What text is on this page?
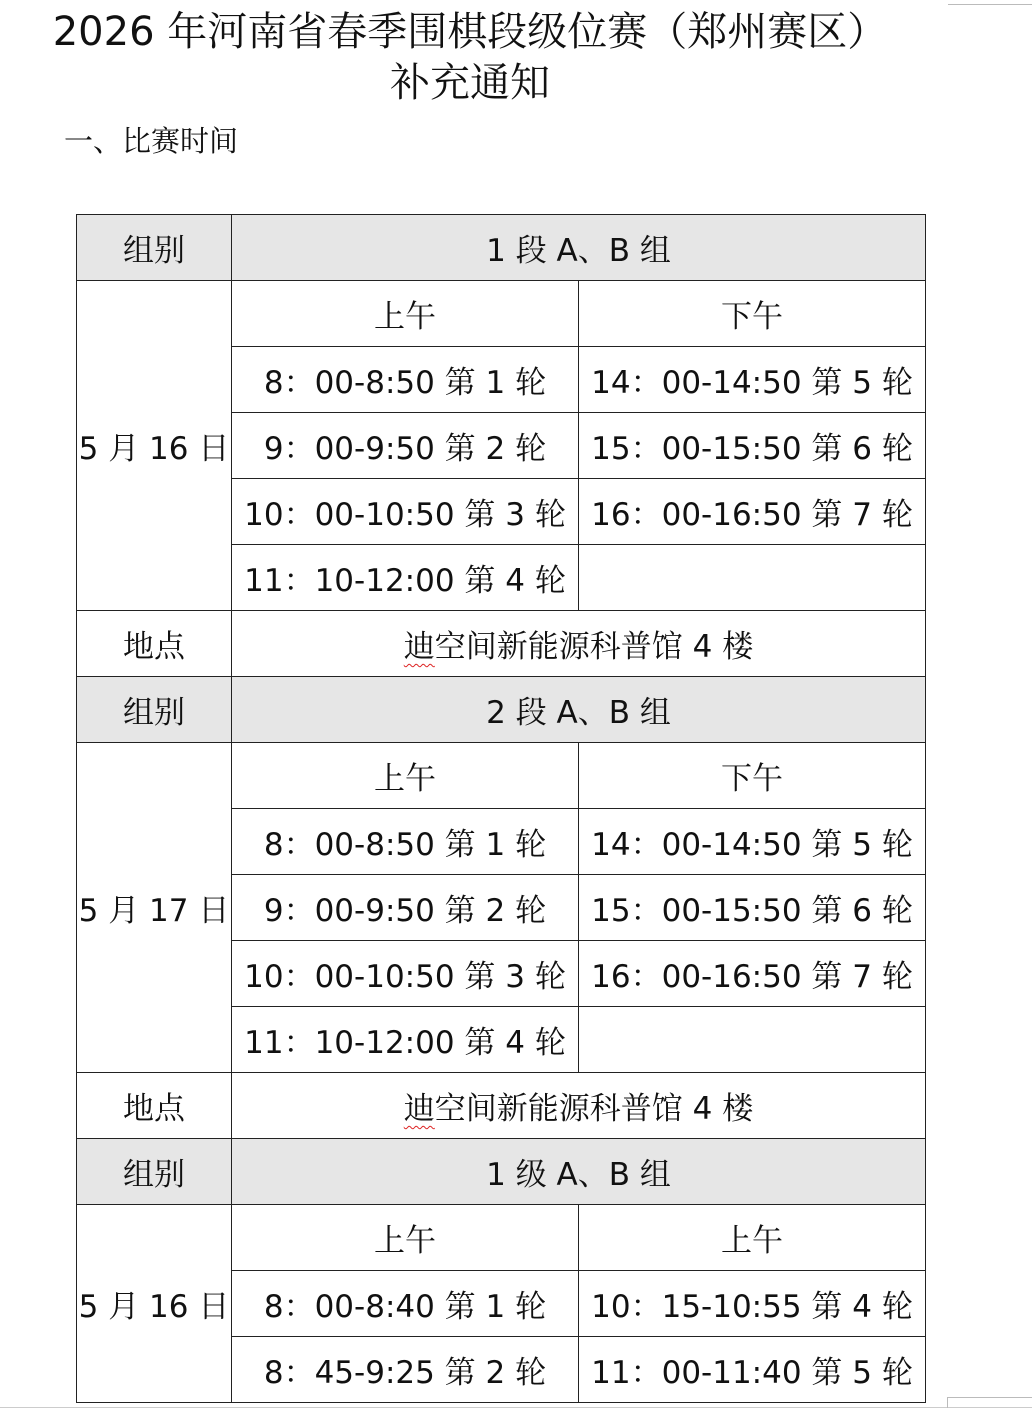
2026 年河南省春季围棋段级位赛（郑州赛区）
补充通知
一、比赛时间
组别	1 段 A、B 组	
5 月 16 日	上午	下午
	8：00-8:50 第 1 轮	14：00-14:50 第 5 轮
	9：00-9:50 第 2 轮	15：00-15:50 第 6 轮
	10：00-10:50 第 3 轮	16：00-16:50 第 7 轮
	11：10-12:00 第 4 轮	
地点	迪空间新能源科普馆 4 楼	
组别	2 段 A、B 组	
5 月 17 日	上午	下午
	8：00-8:50 第 1 轮	14：00-14:50 第 5 轮
	9：00-9:50 第 2 轮	15：00-15:50 第 6 轮
	10：00-10:50 第 3 轮	16：00-16:50 第 7 轮
	11：10-12:00 第 4 轮	
地点	迪空间新能源科普馆 4 楼	
组别	1 级 A、B 组	
5 月 16 日	上午	上午
	8：00-8:40 第 1 轮	10：15-10:55 第 4 轮
	8：45-9:25 第 2 轮	11：00-11:40 第 5 轮
